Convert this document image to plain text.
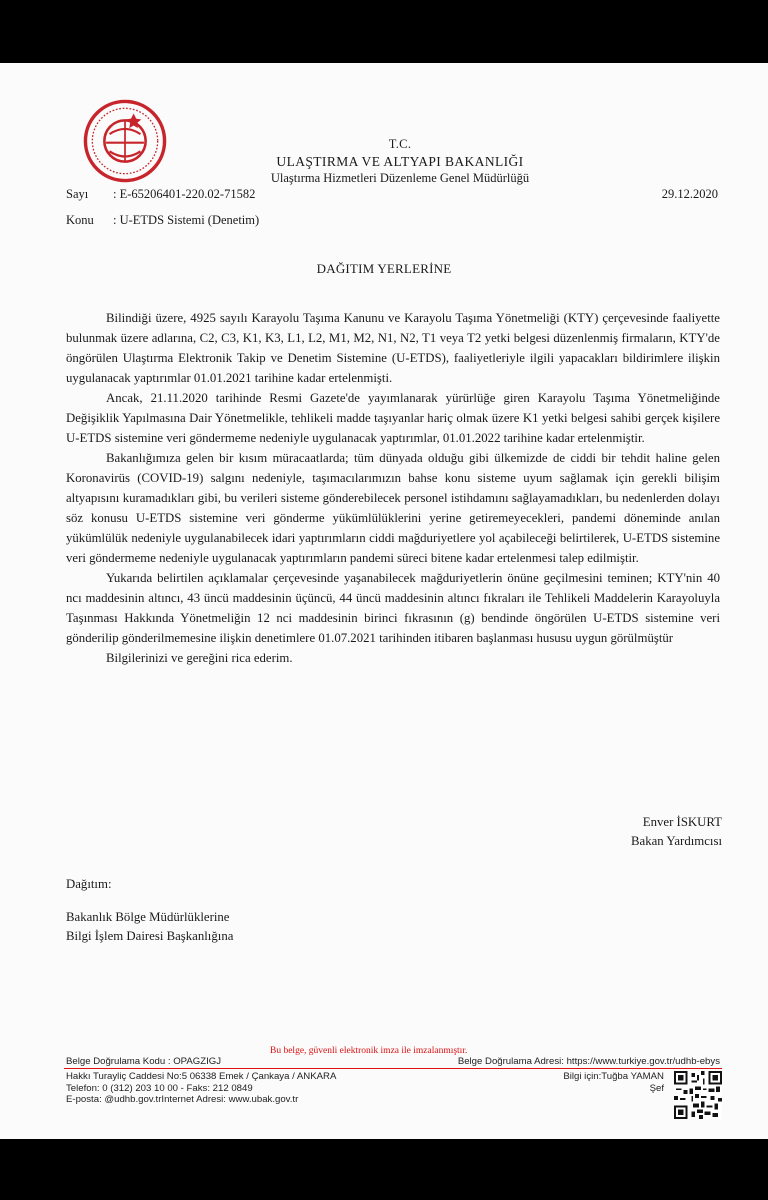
T.C.
ULAŞTIRMA VE ALTYAPI BAKANLIĞI
Ulaştırma Hizmetleri Düzenleme Genel Müdürlüğü
Sayı : E-65206401-220.02-71582	29.12.2020
Konu : U-ETDS Sistemi (Denetim)
DAĞITIM YERLERİNE

Bilindiği üzere, 4925 sayılı Karayolu Taşıma Kanunu ve Karayolu Taşıma Yönetmeliği (KTY) çerçevesinde faaliyette bulunmak üzere adlarına, C2, C3, K1, K3, L1, L2, M1, M2, N1, N2, T1 veya T2 yetki belgesi düzenlenmiş firmaların, KTY'de öngörülen Ulaştırma Elektronik Takip ve Denetim Sistemine (U-ETDS), faaliyetleriyle ilgili yapacakları bildirimlere ilişkin uygulanacak yaptırımlar 01.01.2021 tarihine kadar ertelenmişti.

Ancak, 21.11.2020 tarihinde Resmi Gazete'de yayımlanarak yürürlüğe giren Karayolu Taşıma Yönetmeliğinde Değişiklik Yapılmasına Dair Yönetmelikle, tehlikeli madde taşıyanlar hariç olmak üzere K1 yetki belgesi sahibi gerçek kişilere U-ETDS sistemine veri göndermeme nedeniyle uygulanacak yaptırımlar, 01.01.2022 tarihine kadar ertelenmiştir.

Bakanlığımıza gelen bir kısım müracaatlarda; tüm dünyada olduğu gibi ülkemizde de ciddi bir tehdit haline gelen Koronavirüs (COVID-19) salgını nedeniyle, taşımacılarımızın bahse konu sisteme uyum sağlamak için gerekli bilişim altyapısını kuramadıkları gibi, bu verileri sisteme gönderebilecek personel istihdamını sağlayamadıkları, bu nedenlerden dolayı söz konusu U-ETDS sistemine veri gönderme yükümlülüklerini yerine getiremeyecekleri, pandemi döneminde anılan yükümlülük nedeniyle uygulanabilecek idari yaptırımların ciddi mağduriyetlere yol açabileceği belirtilerek, U-ETDS sistemine veri göndermeme nedeniyle uygulanacak yaptırımların pandemi süreci bitene kadar ertelenmesi talep edilmiştir.

Yukarıda belirtilen açıklamalar çerçevesinde yaşanabilecek mağduriyetlerin önüne geçilmesini teminen; KTY'nin 40 ncı maddesinin altıncı, 43 üncü maddesinin üçüncü, 44 üncü maddesinin altıncı fıkraları ile Tehlikeli Maddelerin Karayoluyla Taşınması Hakkında Yönetmeliğin 12 nci maddesinin birinci fıkrasının (g) bendinde öngörülen U-ETDS sistemine veri gönderilip gönderilmemesine ilişkin denetimlere 01.07.2021 tarihinden itibaren başlanması hususu uygun görülmüştür

Bilgilerinizi ve gereğini rica ederim.

Enver İSKURT
Bakan Yardımcısı
Dağıtım:
Bakanlık Bölge Müdürlüklerine
Bilgi İşlem Dairesi Başkanlığına
Bu belge, güvenli elektronik imza ile imzalanmıştır.
Belge Doğrulama Kodu : OPAGZIGJ	Belge Doğrulama Adresi: https://www.turkiye.gov.tr/udhb-ebys
Hakkı Turayliç Caddesi No:5 06338 Emek / Çankaya / ANKARA
Telefon: 0 (312) 203 10 00 - Faks: 212 0849
E-posta: @udhb.gov.trInternet Adresi: www.ubak.gov.tr
Bilgi için:Tuğba YAMAN
Şef
